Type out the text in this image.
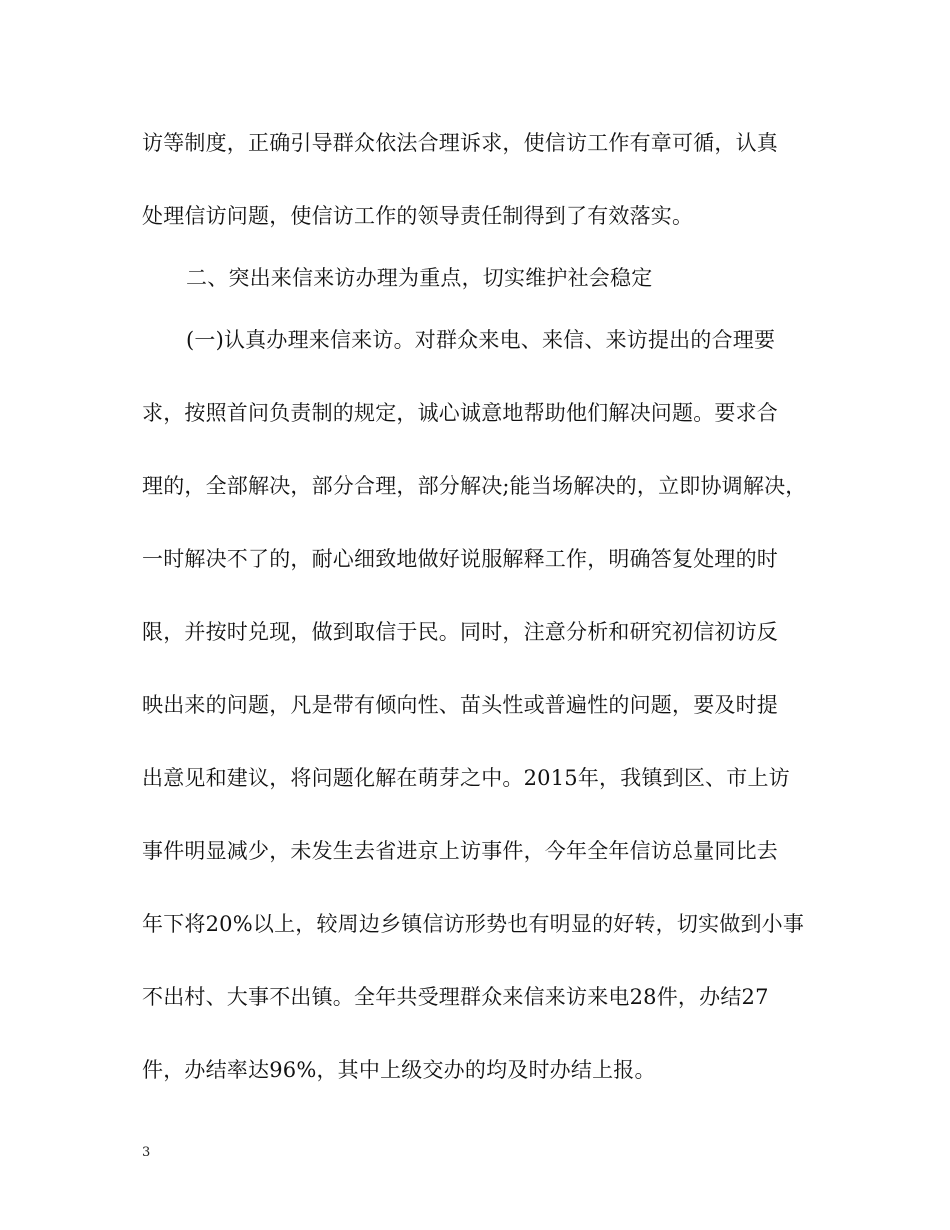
访等制度，正确引导群众依法合理诉求，使信访工作有章可循，认真
处理信访问题，使信访工作的领导责任制得到了有效落实。
二、突出来信来访办理为重点，切实维护社会稳定
(一)认真办理来信来访。对群众来电、来信、来访提出的合理要
求，按照首问负责制的规定，诚心诚意地帮助他们解决问题。要求合
理的，全部解决，部分合理，部分解决;能当场解决的，立即协调解决，
一时解决不了的，耐心细致地做好说服解释工作，明确答复处理的时
限，并按时兑现，做到取信于民。同时，注意分析和研究初信初访反
映出来的问题，凡是带有倾向性、苗头性或普遍性的问题，要及时提
出意见和建议，将问题化解在萌芽之中。2015年，我镇到区、市上访
事件明显减少，未发生去省进京上访事件，今年全年信访总量同比去
年下将20%以上，较周边乡镇信访形势也有明显的好转，切实做到小事
不出村、大事不出镇。全年共受理群众来信来访来电28件，办结27
件，办结率达96%，其中上级交办的均及时办结上报。
3
